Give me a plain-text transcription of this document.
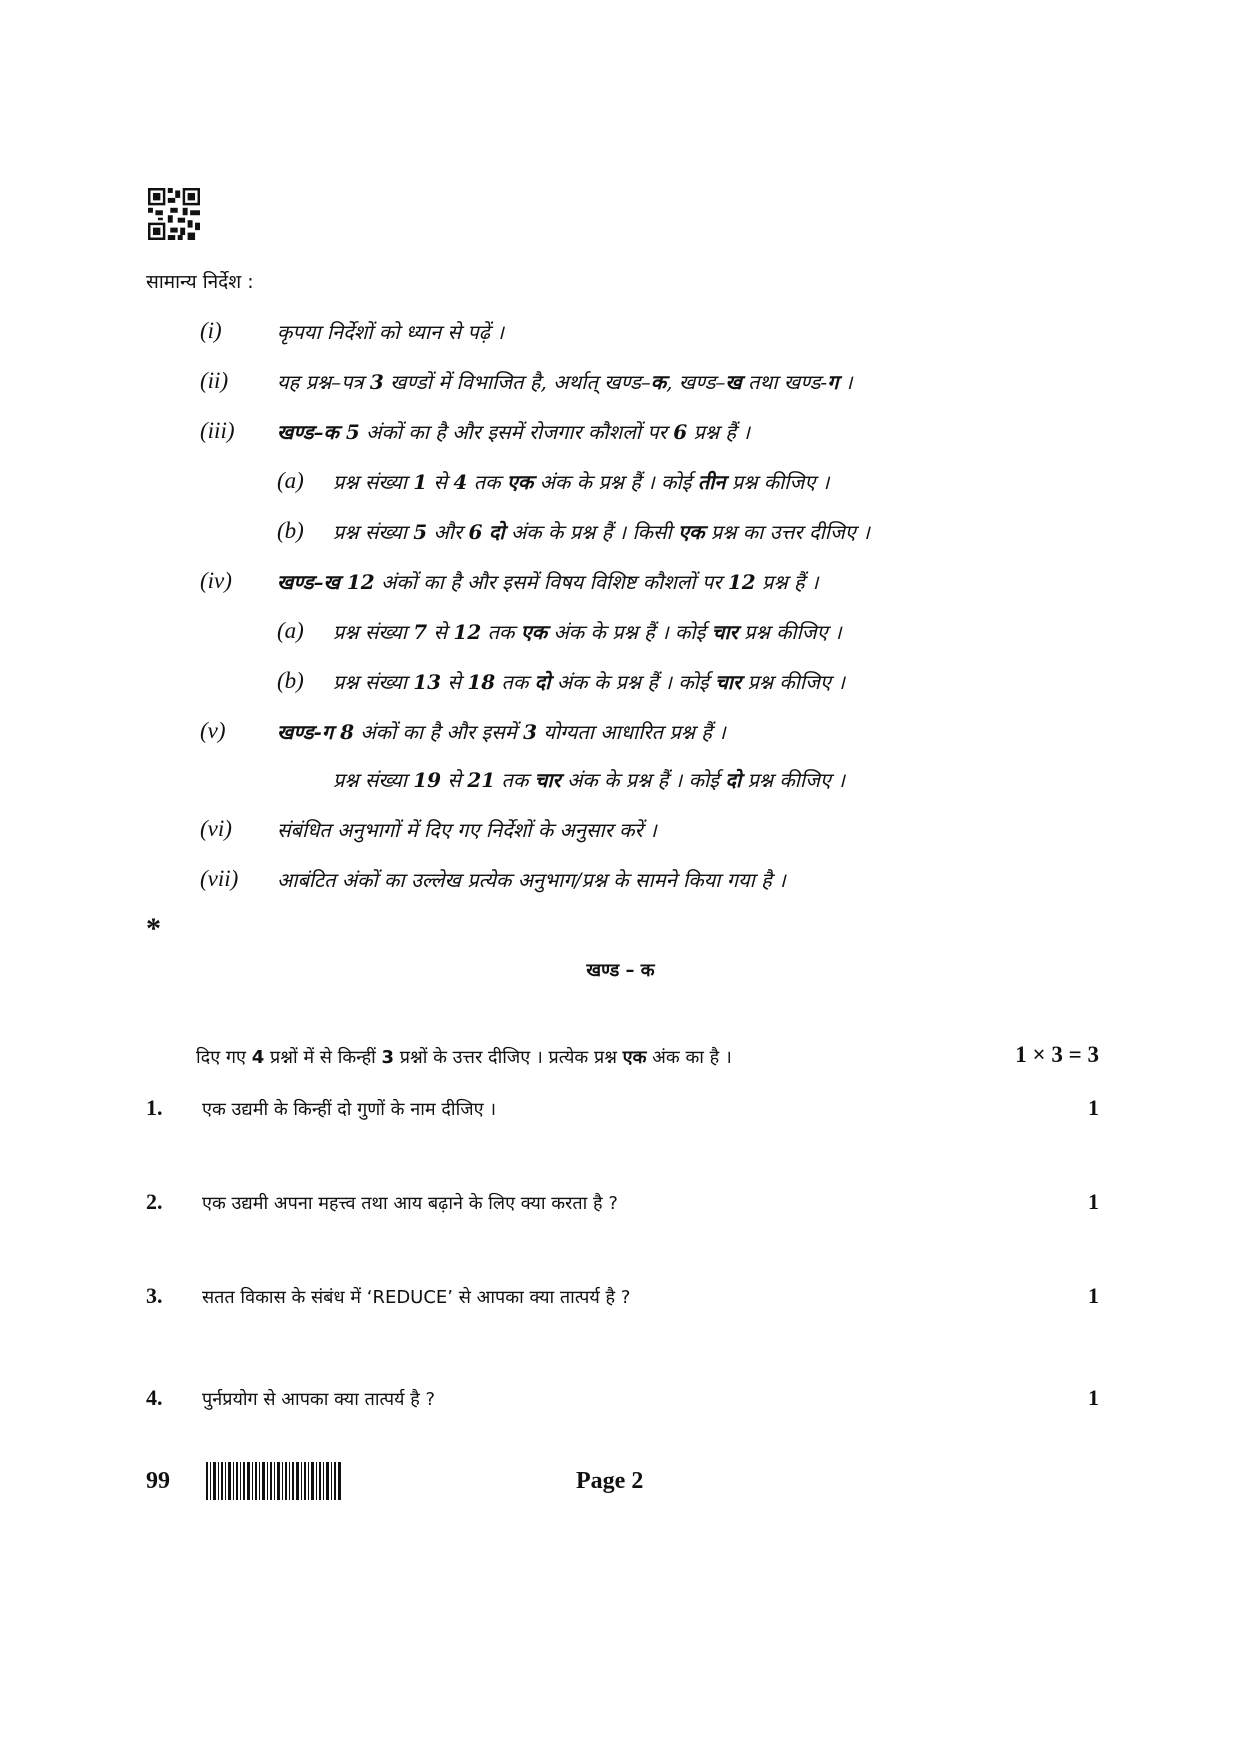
सामान्य निर्देश :
(i)	कृपया निर्देशों को ध्यान से पढ़ें ।
(ii) यह प्रश्न–पत्र 3 खण्डों में विभाजित है, अर्थात् खण्ड–क, खण्ड–ख तथा खण्ड-ग ।
(iii) खण्ड–क 5 अंकों का है और इसमें रोजगार कौशलों पर 6 प्रश्न हैं ।
(a) प्रश्न संख्या 1 से 4 तक एक अंक के प्रश्न हैं । कोई तीन प्रश्न कीजिए ।
(b) प्रश्न संख्या 5 और 6 दो अंक के प्रश्न हैं । किसी एक प्रश्न का उत्तर दीजिए ।
(iv) खण्ड–ख 12 अंकों का है और इसमें विषय विशिष्ट कौशलों पर 12 प्रश्न हैं ।
(a) प्रश्न संख्या 7 से 12 तक एक अंक के प्रश्न हैं । कोई चार प्रश्न कीजिए ।
(b) प्रश्न संख्या 13 से 18 तक दो अंक के प्रश्न हैं । कोई चार प्रश्न कीजिए ।
(v)	खण्ड-ग 8 अंकों का है और इसमें 3 योग्यता आधारित प्रश्न हैं ।
प्रश्न संख्या 19 से 21 तक चार अंक के प्रश्न हैं । कोई दो प्रश्न कीजिए ।
(vi) संबंधित अनुभागों में दिए गए निर्देशों के अनुसार करें ।
(vii) आबंटित अंकों का उल्लेख प्रत्येक अनुभाग/प्रश्न के सामने किया गया है ।
*
खण्ड – क
दिए गए 4 प्रश्नों में से किन्हीं 3 प्रश्नों के उत्तर दीजिए । प्रत्येक प्रश्न एक अंक का है ।	1 × 3 = 3
1. एक उद्यमी के किन्हीं दो गुणों के नाम दीजिए ।	1
2. एक उद्यमी अपना महत्त्व तथा आय बढ़ाने के लिए क्या करता है ?	1
3. सतत विकास के संबंध में ‘REDUCE’ से आपका क्या तात्पर्य है ?	1
4. पुर्नप्रयोग से आपका क्या तात्पर्य है ?	1
99	Page 2
